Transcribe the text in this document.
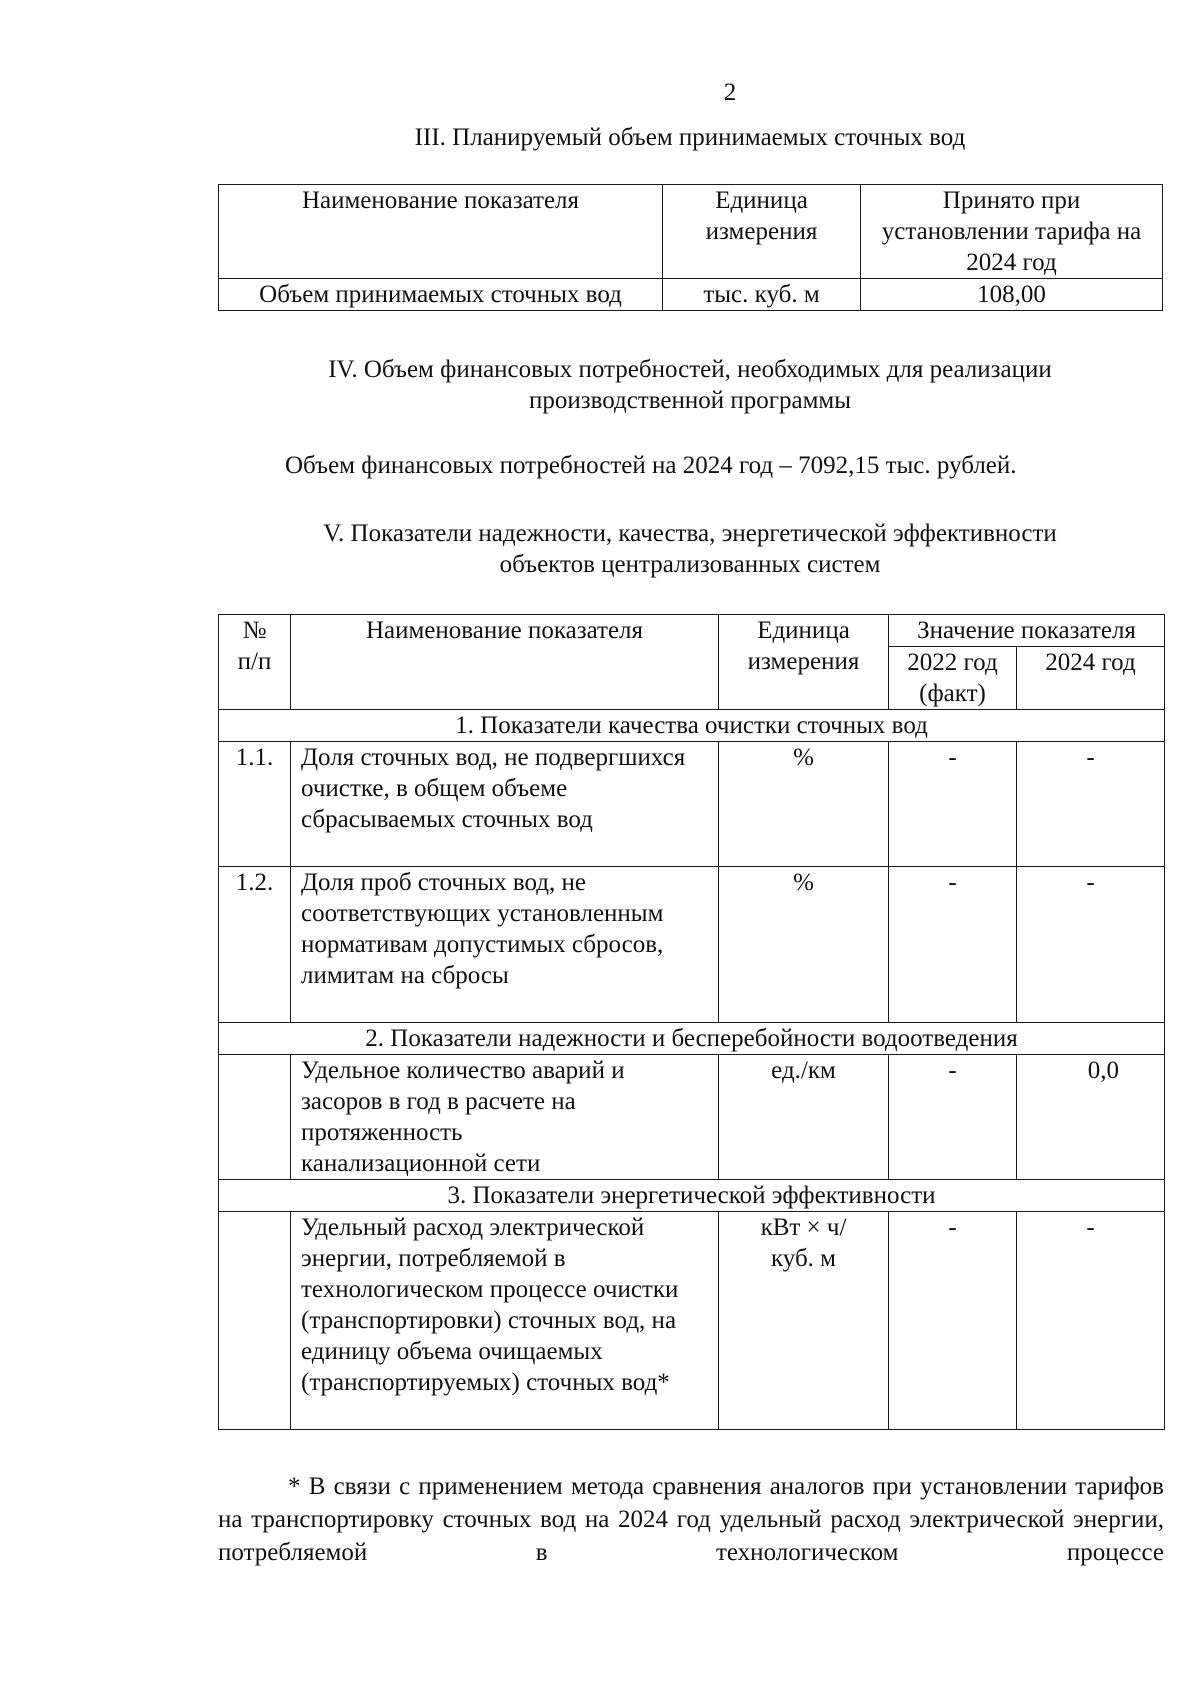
2
III. Планируемый объем принимаемых сточных вод
Наименование показателя	Единица измерения	Принято при установлении тарифа на 2024 год
Объем принимаемых сточных вод	тыс. куб. м	108,00
IV. Объем финансовых потребностей, необходимых для реализации производственной программы

Объем финансовых потребностей на 2024 год – 7092,15 тыс. рублей.

V. Показатели надежности, качества, энергетической эффективности объектов централизованных систем
№ п/п	Наименование показателя	Единица измерения	Значение показателя	
			2022 год (факт)	2024 год
1. Показатели качества очистки сточных вод				
1.1.	Доля сточных вод, не подвергшихся очистке, в общем объеме сбрасываемых сточных вод	%	-	-
1.2.	Доля проб сточных вод, не соответствующих установленным нормативам допустимых сбросов, лимитам на сбросы	%	-	-
2. Показатели надежности и бесперебойности водоотведения				
	Удельное количество аварий и засоров в год в расчете на протяженность канализационной сети	ед./км	-	0,0
3. Показатели энергетической эффективности				
	Удельный расход электрической энергии, потребляемой в технологическом процессе очистки (транспортировки) сточных вод, на единицу объема очищаемых (транспортируемых) сточных вод*	кВт × ч/ куб. м	-	-

* В связи с применением метода сравнения аналогов при установлении тарифов на транспортировку сточных вод на 2024 год удельный расход электрической энергии, потребляемой в технологическом процессе
